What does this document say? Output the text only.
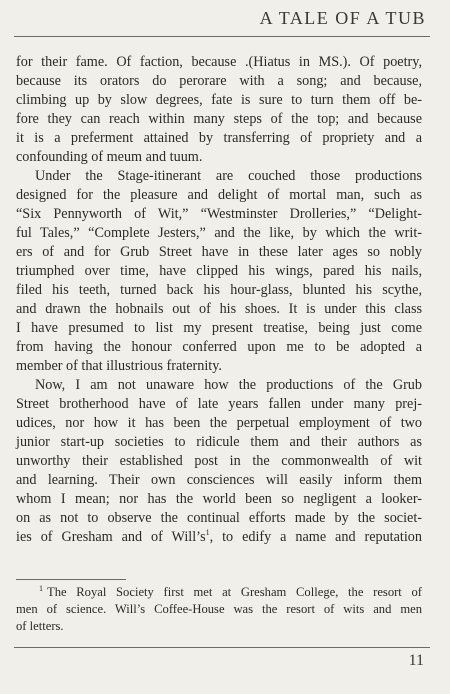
A TALE OF A TUB
for their fame. Of faction, because .(Hiatus in MS.). Of poetry,
because its orators do perorare with a song; and because,
climbing up by slow degrees, fate is sure to turn them off be-
fore they can reach within many steps of the top; and because
it is a preferment attained by transferring of propriety and a
confounding of meum and tuum.
Under the Stage-itinerant are couched those productions
designed for the pleasure and delight of mortal man, such as
“Six Pennyworth of Wit,” “Westminster Drolleries,” “Delight-
ful Tales,” “Complete Jesters,” and the like, by which the writ-
ers of and for Grub Street have in these later ages so nobly
triumphed over time, have clipped his wings, pared his nails,
filed his teeth, turned back his hour-glass, blunted his scythe,
and drawn the hobnails out of his shoes. It is under this class
I have presumed to list my present treatise, being just come
from having the honour conferred upon me to be adopted a
member of that illustrious fraternity.
Now, I am not unaware how the productions of the Grub
Street brotherhood have of late years fallen under many prej-
udices, nor how it has been the perpetual employment of two
junior start-up societies to ridicule them and their authors as
unworthy their established post in the commonwealth of wit
and learning. Their own consciences will easily inform them
whom I mean; nor has the world been so negligent a looker-
on as not to observe the continual efforts made by the societ-
ies of Gresham and of Will’s$^1$, to edify a name and reputation
$^1$ The Royal Society first met at Gresham College, the resort of
men of science. Will’s Coffee-House was the resort of wits and men
of letters.
11
